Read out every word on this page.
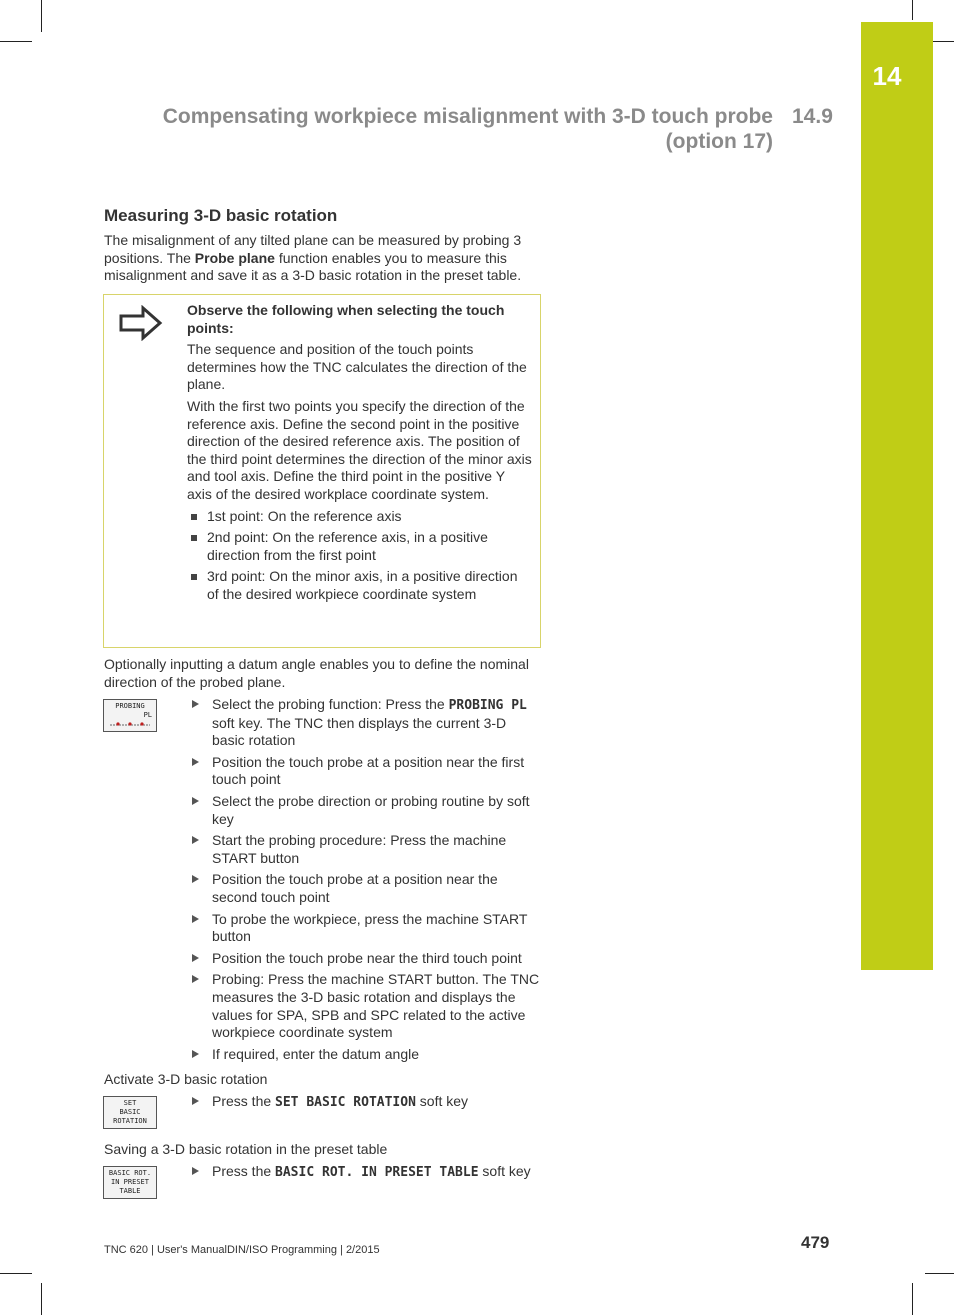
14
Compensating workpiece misalignment with 3-D touch probe (option 17)
14.9
Measuring 3-D basic rotation

The misalignment of any tilted plane can be measured by probing 3 positions. The Probe plane function enables you to measure this misalignment and save it as a 3-D basic rotation in the preset table.

Observe the following when selecting the touch points:

The sequence and position of the touch points determines how the TNC calculates the direction of the plane.

With the first two points you specify the direction of the reference axis. Define the second point in the positive direction of the desired reference axis. The position of the third point determines the direction of the minor axis and tool axis. Define the third point in the positive Y axis of the desired workplace coordinate system.

1st point: On the reference axis
2nd point: On the reference axis, in a positive direction from the first point
3rd point: On the minor axis, in a positive direction of the desired workpiece coordinate system

Optionally inputting a datum angle enables you to define the nominal direction of the probed plane.

PROBING
PL
Select the probing function: Press the PROBING PL soft key. The TNC then displays the current 3-D basic rotation
Position the touch probe at a position near the first touch point
Select the probe direction or probing routine by soft key
Start the probing procedure: Press the machine START button
Position the touch probe at a position near the second touch point
To probe the workpiece, press the machine START button
Position the touch probe near the third touch point
Probing: Press the machine START button. The TNC measures the 3-D basic rotation and displays the values for SPA, SPB and SPC related to the active workpiece coordinate system
If required, enter the datum angle

Activate 3-D basic rotation

SET
BASIC
ROTATION
Press the SET BASIC ROTATION soft key

Saving a 3-D basic rotation in the preset table

BASIC ROT.
IN PRESET
TABLE
Press the BASIC ROT. IN PRESET TABLE soft key
TNC 620 | User's ManualDIN/ISO Programming | 2/2015	479
